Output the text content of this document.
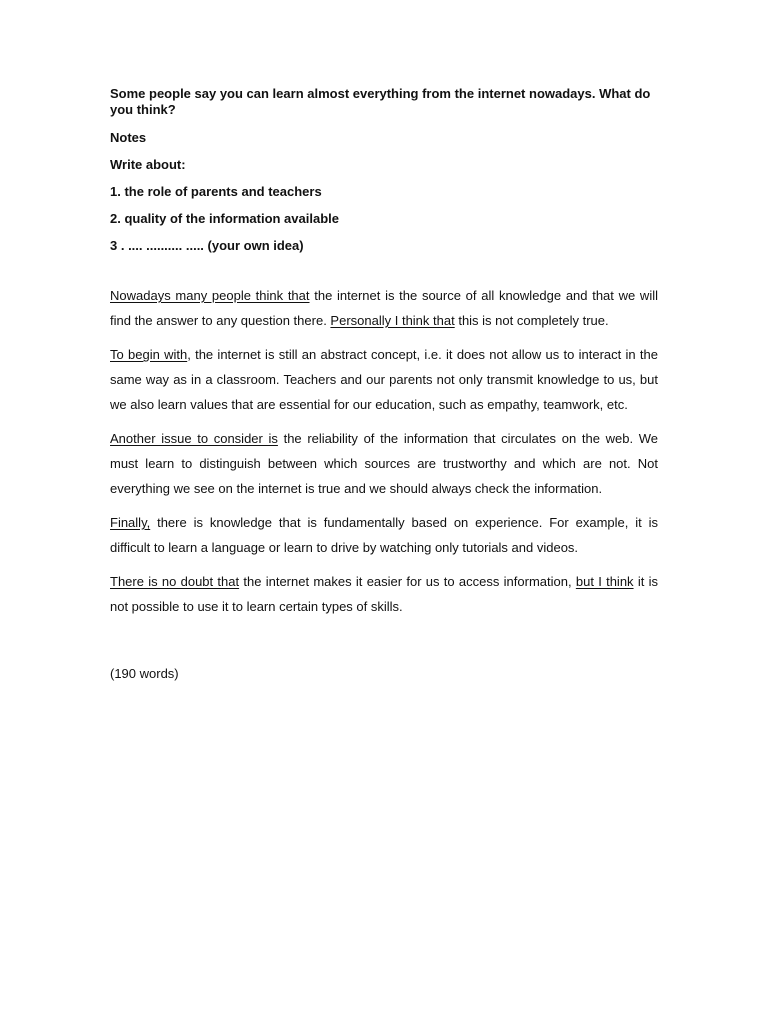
Some people say you can learn almost everything from the internet nowadays. What do you think?

Notes

Write about:

1. the role of parents and teachers

2. quality of the information available

3 . .... .......... ..... (your own idea)

Nowadays many people think that the internet is the source of all knowledge and that we will find the answer to any question there. Personally I think that this is not completely true.

To begin with, the internet is still an abstract concept, i.e. it does not allow us to interact in the same way as in a classroom. Teachers and our parents not only transmit knowledge to us, but we also learn values that are essential for our education, such as empathy, teamwork, etc.

Another issue to consider is the reliability of the information that circulates on the web. We must learn to distinguish between which sources are trustworthy and which are not. Not everything we see on the internet is true and we should always check the information.

Finally, there is knowledge that is fundamentally based on experience. For example, it is difficult to learn a language or learn to drive by watching only tutorials and videos.

There is no doubt that the internet makes it easier for us to access information, but I think it is not possible to use it to learn certain types of skills.

(190 words)
